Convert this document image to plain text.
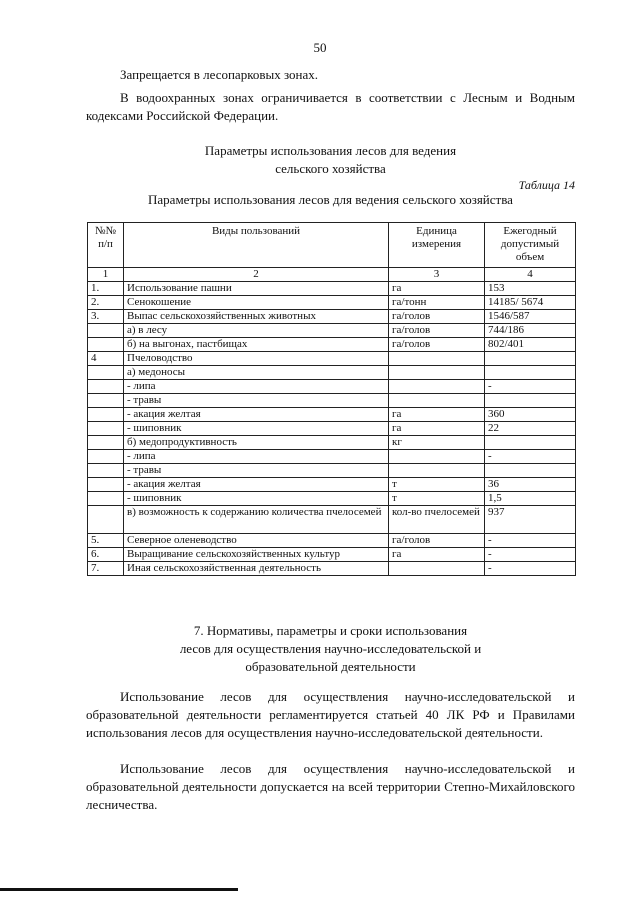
50
Запрещается в лесопарковых зонах.
В водоохранных зонах ограничивается в соответствии с Лесным и Водным кодексами Российской Федерации.
Параметры использования лесов для ведения
сельского хозяйства
Таблица 14
Параметры использования лесов для ведения сельского хозяйства
№№ п/п	Виды пользований	Единица измерения	Ежегодный допустимый объем
1	2	3	4
1.	Использование пашни	га	153
2.	Сенокошение	га/тонн	14185/ 5674
3.	Выпас сельскохозяйственных животных	га/голов	1546/587
	а) в лесу	га/голов	744/186
	б) на выгонах, пастбищах	га/голов	802/401
4	Пчеловодство		
	а) медоносы		
	- липа		-
	- травы		
	- акация желтая	га	360
	- шиповник	га	22
	б) медопродуктивность	кг	
	- липа		-
	- травы		
	- акация желтая	т	36
	- шиповник	т	1,5
	в) возможность к содержанию количества пчелосемей	кол-во пчелосемей	937
5.	Северное оленеводство	га/голов	-
6.	Выращивание сельскохозяйственных культур	га	-
7.	Иная сельскохозяйственная деятельность		-
7. Нормативы, параметры и сроки использования
лесов для осуществления научно-исследовательской и
образовательной деятельности
Использование лесов для осуществления научно-исследовательской и образовательной деятельности регламентируется статьей 40 ЛК РФ и Правилами использования лесов для осуществления научно-исследовательской деятельности.
Использование лесов для осуществления научно-исследовательской и образовательной деятельности допускается на всей территории Степно-Михайловского лесничества.
